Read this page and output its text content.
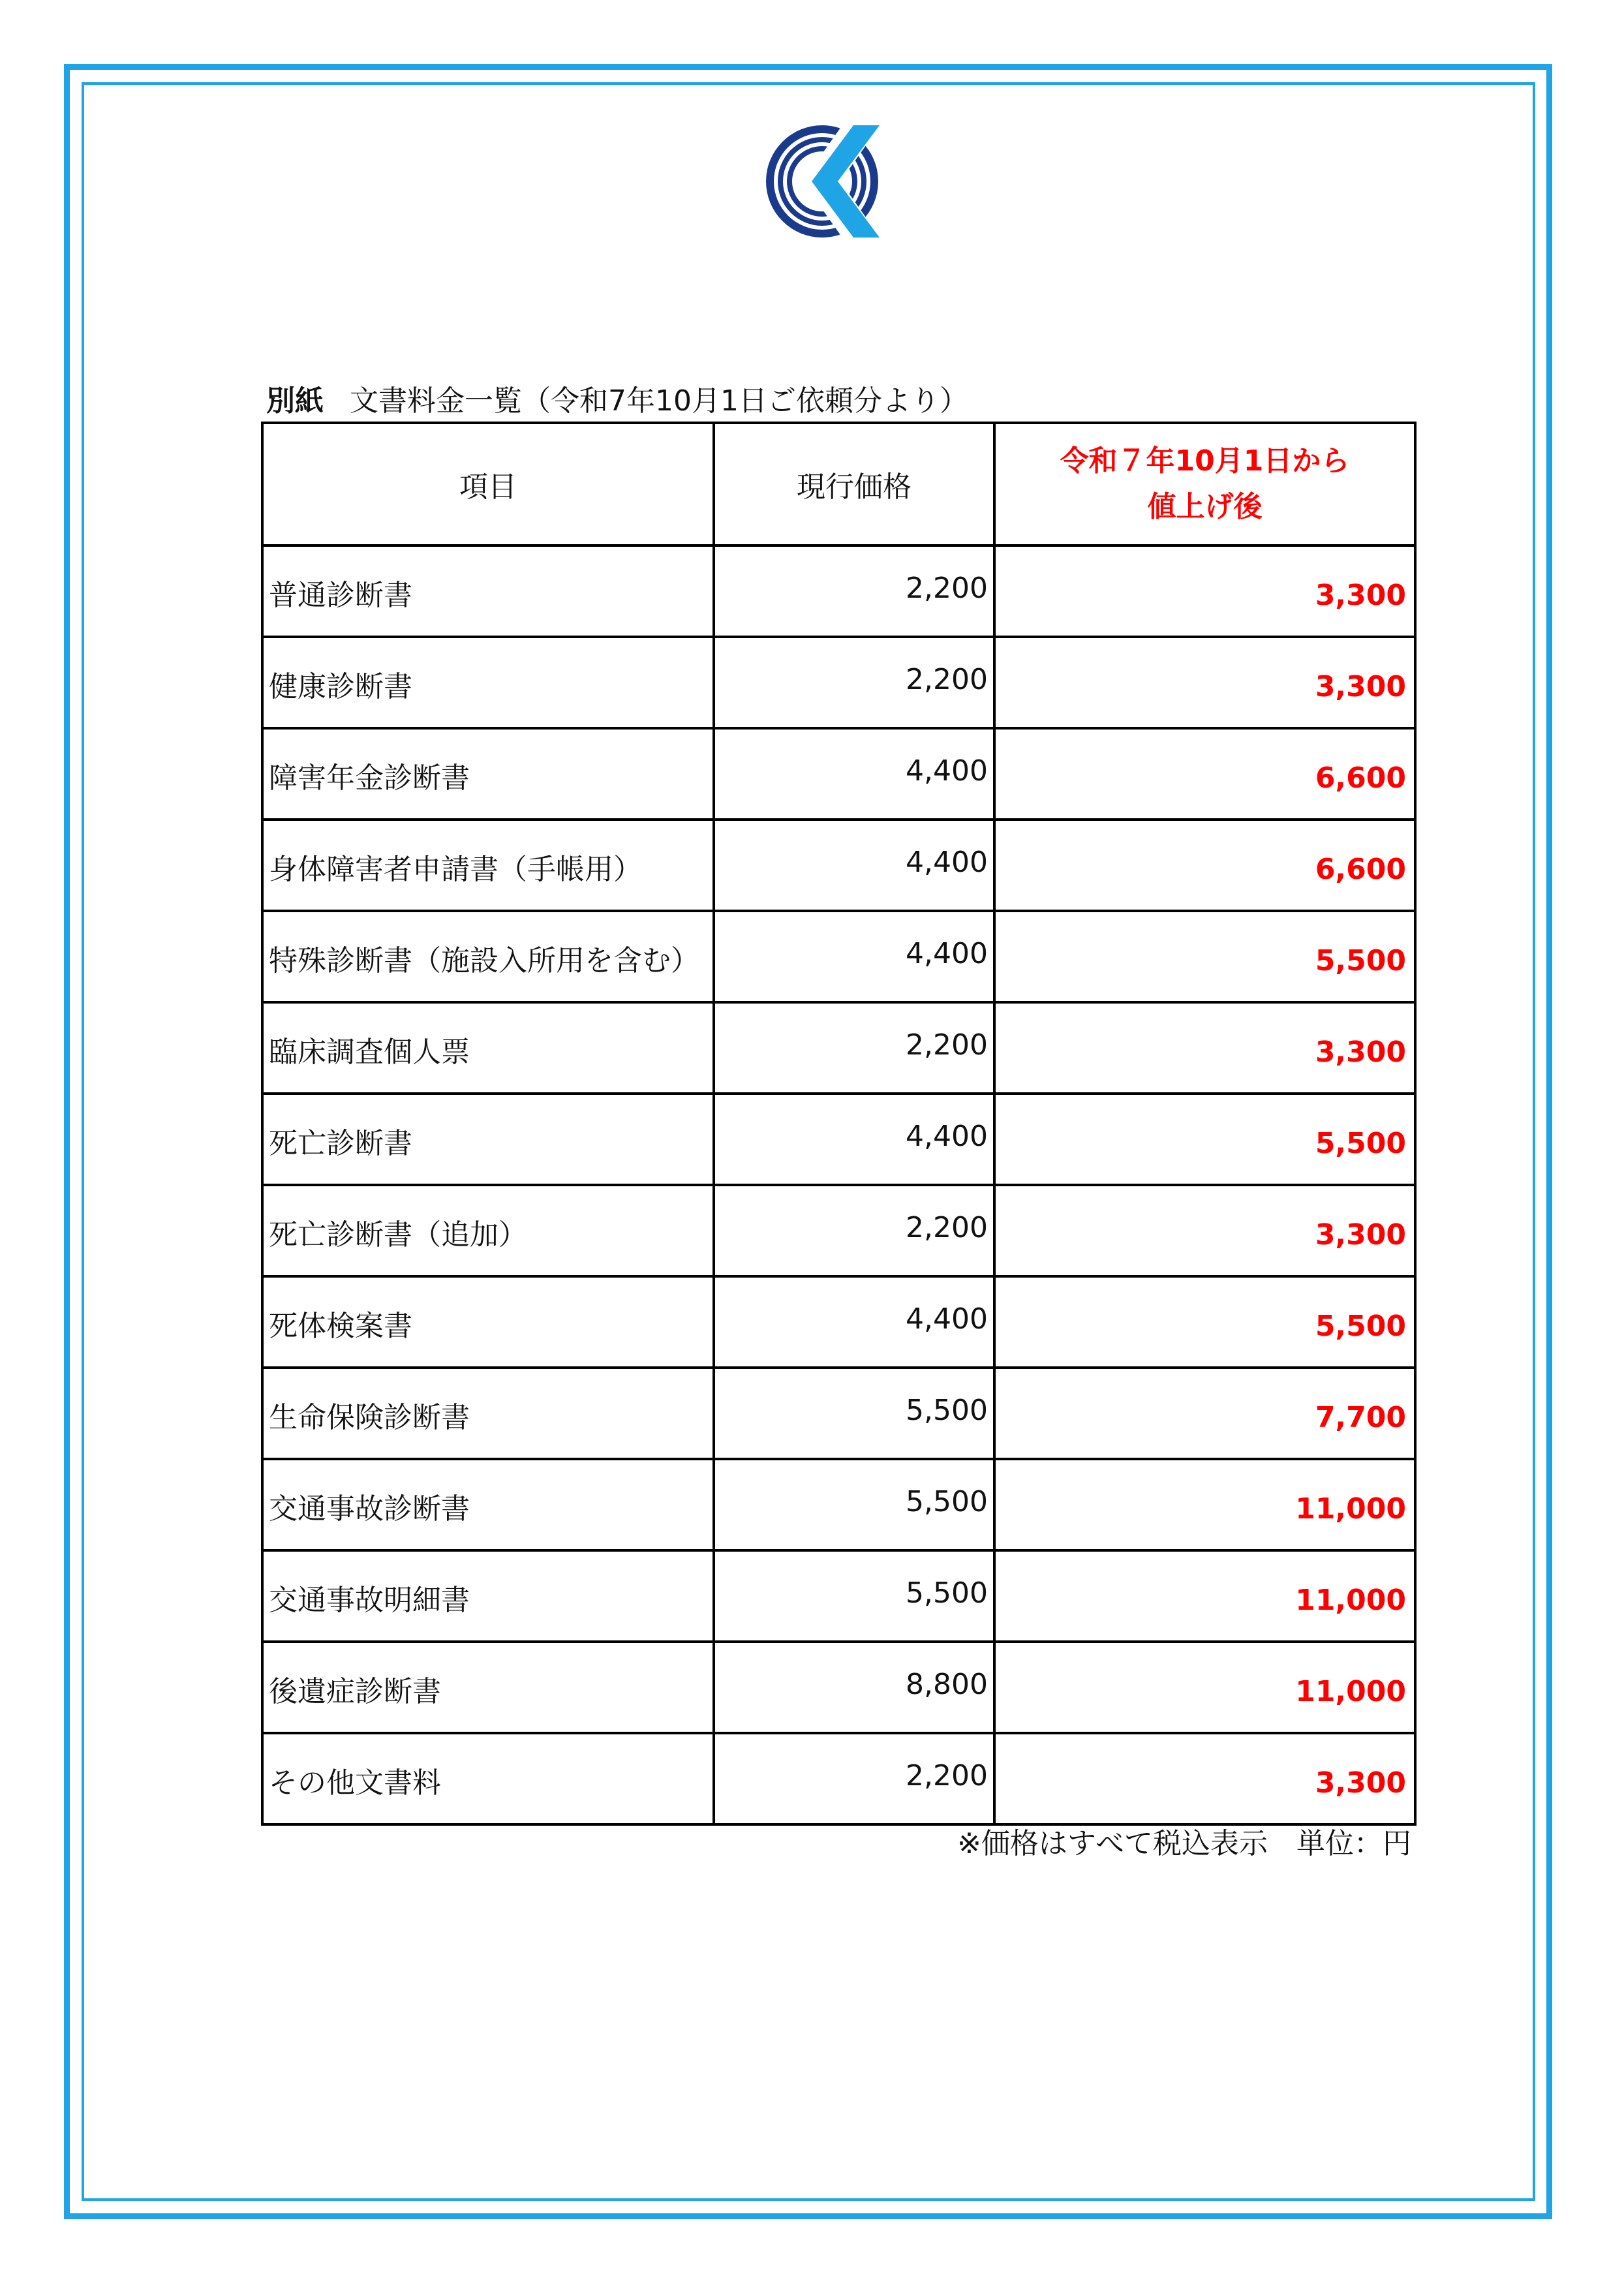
別紙 文書料金一覧（令和7年10月1日ご依頼分より）
項目	現行価格	令和７年10月1日から
値上げ後

普通診断書	2,200	3,300
健康診断書	2,200	3,300
障害年金診断書	4,400	6,600
身体障害者申請書（手帳用）	4,400	6,600
特殊診断書（施設入所用を含む）	4,400	5,500
臨床調査個人票	2,200	3,300
死亡診断書	4,400	5,500
死亡診断書（追加）	2,200	3,300
死体検案書	4,400	5,500
生命保険診断書	5,500	7,700
交通事故診断書	5,500	11,000
交通事故明細書	5,500	11,000
後遺症診断書	8,800	11,000
その他文書料	2,200	3,300
※価格はすべて税込表示　単位：円
